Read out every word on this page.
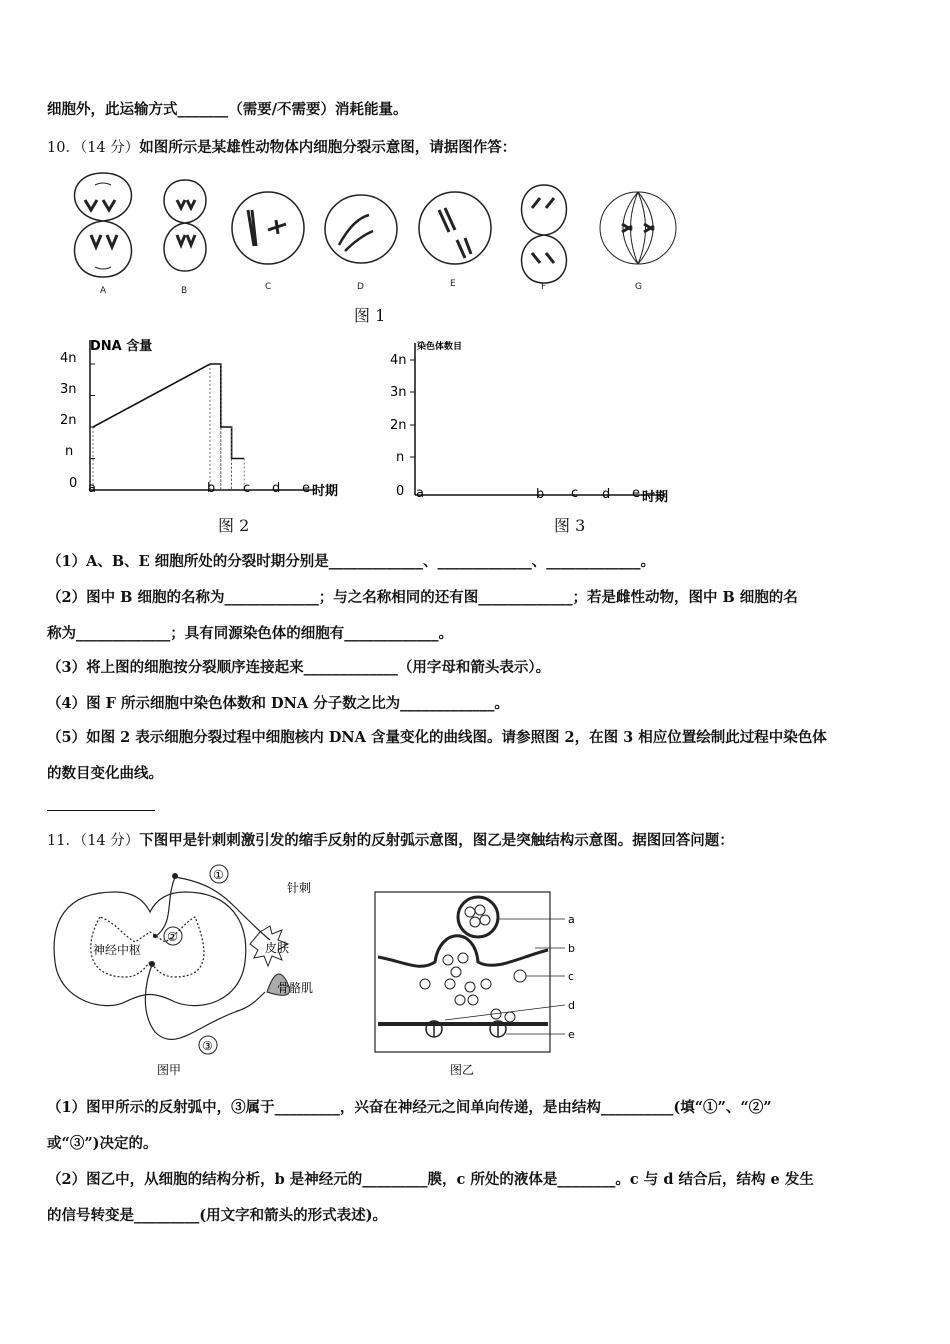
细胞外，此运输方式_______（需要/不需要）消耗能量。
10．（14 分）如图所示是某雄性动物体内细胞分裂示意图，请据图作答：
A	B	C	D	E	F	G
图 1
DNA 含量
4n
3n
2n
n
0 a	b c d e 时期
图 2
染色体数目
4n
3n
2n
n
0 a	b c d e 时期
图 3
（1）A、B、E 细胞所处的分裂时期分别是_____________、_____________、_____________。
（2）图中 B 细胞的名称为_____________；与之名称相同的还有图_____________；若是雌性动物，图中 B 细胞的名
称为_____________；具有同源染色体的细胞有_____________。
（3）将上图的细胞按分裂顺序连接起来_____________（用字母和箭头表示）。
（4）图 F 所示细胞中染色体数和 DNA 分子数之比为_____________。
（5）如图 2 表示细胞分裂过程中细胞核内 DNA 含量变化的曲线图。请参照图 2，在图 3 相应位置绘制此过程中染色体
的数目变化曲线。
11．（14 分）下图甲是针刺刺激引发的缩手反射的反射弧示意图，图乙是突触结构示意图。据图回答问题：
①
②
③
神经中枢
针刺
皮肤
骨骼肌
图甲
a
b
c
d
e
图乙
（1）图甲所示的反射弧中，③属于_________，兴奋在神经元之间单向传递，是由结构__________(填“①”、“②”
或“③”)决定的。
（2）图乙中，从细胞的结构分析，b 是神经元的_________膜，c 所处的液体是________。c 与 d 结合后，结构 e 发生
的信号转变是_________(用文字和箭头的形式表述)。
